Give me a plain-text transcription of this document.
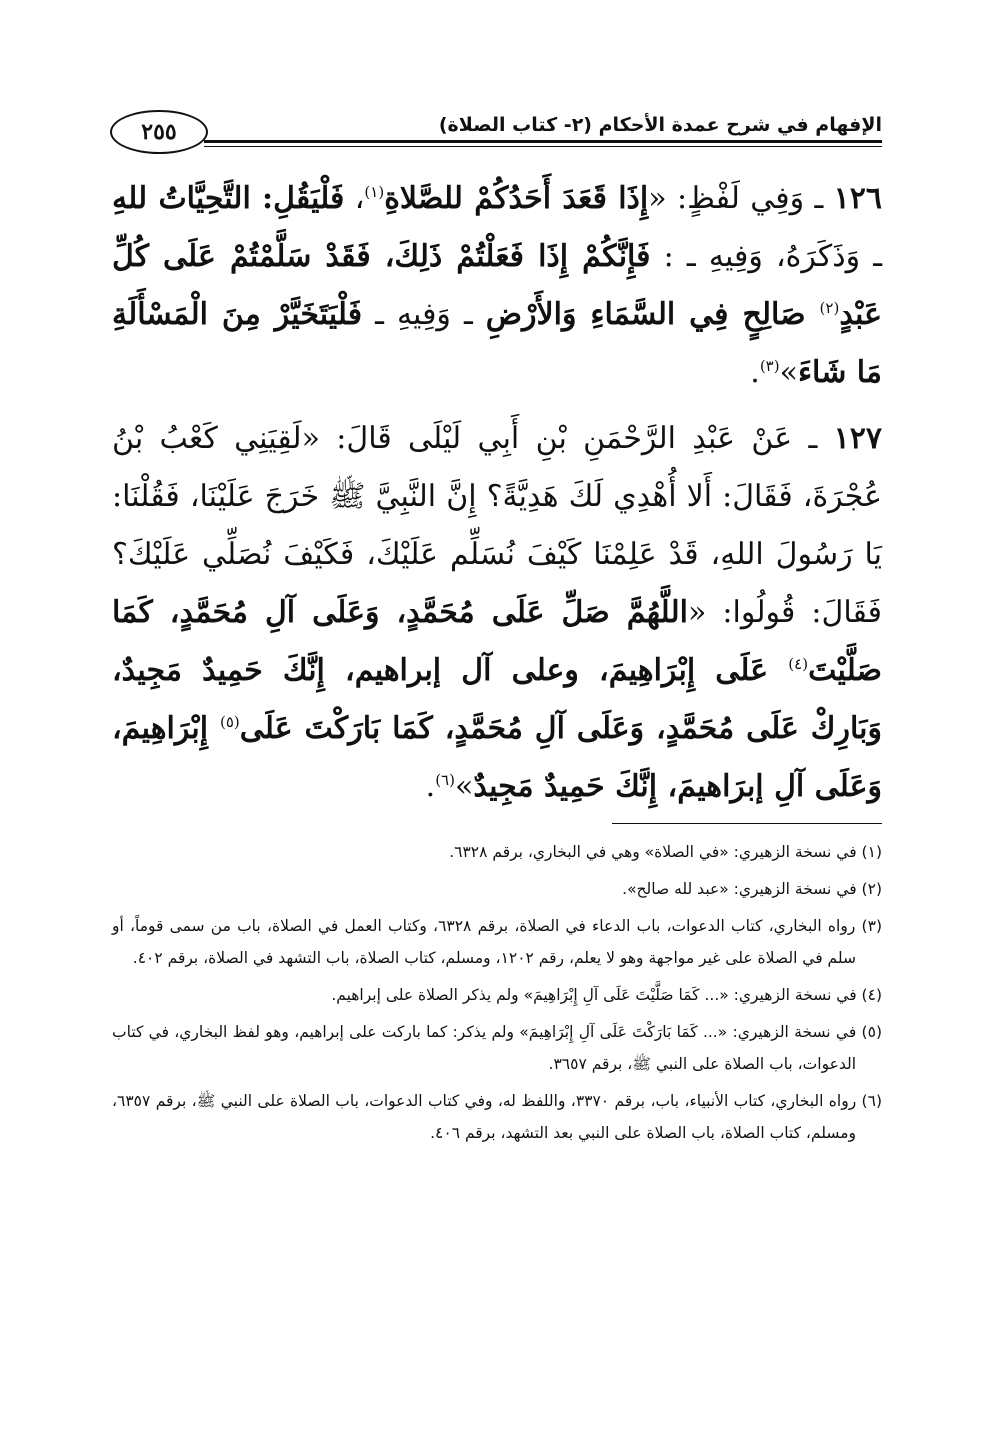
٢٥٥	الإفهام في شرح عمدة الأحكام (٢- كتاب الصلاة)

١٢٦ ـ وَفِي لَفْظٍ: «إِذَا قَعَدَ أَحَدُكُمْ للصَّلاةِ$^{(١)}$، فَلْيَقُلِ: التَّحِيَّاتُ للهِ ـ وَذَكَرَهُ، وَفِيهِ ـ : فَإِنَّكُمْ إِذَا فَعَلْتُمْ ذَلِكَ، فَقَدْ سَلَّمْتُمْ عَلَى كُلِّ عَبْدٍ$^{(٢)}$ صَالِحٍ فِي السَّمَاءِ وَالأَرْضِ ـ وَفِيهِ ـ فَلْيَتَخَيَّرْ مِنَ الْمَسْأَلَةِ مَا شَاءَ»$^{(٣)}$.

١٢٧ ـ عَنْ عَبْدِ الرَّحْمَنِ بْنِ أَبِي لَيْلَى قَالَ: «لَقِيَنِي كَعْبُ بْنُ عُجْرَةَ، فَقَالَ: أَلا أُهْدِي لَكَ هَدِيَّةً؟ إِنَّ النَّبِيَّ ﷺ خَرَجَ عَلَيْنَا، فَقُلْنَا: يَا رَسُولَ اللهِ، قَدْ عَلِمْنَا كَيْفَ نُسَلِّم عَلَيْكَ، فَكَيْفَ نُصَلِّي عَلَيْكَ؟ فَقَالَ: قُولُوا: «اللَّهُمَّ صَلِّ عَلَى مُحَمَّدٍ، وَعَلَى آلِ مُحَمَّدٍ، كَمَا صَلَّيْتَ$^{(٤)}$ عَلَى إِبْرَاهِيمَ، وعلى آل إبراهيم، إِنَّكَ حَمِيدٌ مَجِيدٌ، وَبَارِكْ عَلَى مُحَمَّدٍ، وَعَلَى آلِ مُحَمَّدٍ، كَمَا بَارَكْتَ عَلَى$^{(٥)}$ إِبْرَاهِيمَ، وَعَلَى آلِ إبرَاهيمَ، إِنَّكَ حَمِيدٌ مَجِيدٌ»$^{(٦)}$.

(١) في نسخة الزهيري: «في الصلاة» وهي في البخاري، برقم ٦٣٢٨.

(٢) في نسخة الزهيري: «عبد لله صالح».

(٣) رواه البخاري، كتاب الدعوات، باب الدعاء في الصلاة، برقم ٦٣٢٨، وكتاب العمل في الصلاة، باب من سمى قوماً، أو سلم في الصلاة على غير مواجهة وهو لا يعلم، رقم ١٢٠٢، ومسلم، كتاب الصلاة، باب التشهد في الصلاة، برقم ٤٠٢.

(٤) في نسخة الزهيري: «... كَمَا صَلَّيْتَ عَلَى آلِ إِبْرَاهِيمَ» ولم يذكر الصلاة على إبراهيم.

(٥) في نسخة الزهيري: «... كَمَا بَارَكْتَ عَلَى آلِ إِبْرَاهِيمَ» ولم يذكر: كما باركت على إبراهيم، وهو لفظ البخاري، في كتاب الدعوات، باب الصلاة على النبي ﷺ، برقم ٣٦٥٧.

(٦) رواه البخاري، كتاب الأنبياء، باب، برقم ٣٣٧٠، واللفظ له، وفي كتاب الدعوات، باب الصلاة على النبي ﷺ، برقم ٦٣٥٧، ومسلم، كتاب الصلاة، باب الصلاة على النبي بعد التشهد، برقم ٤٠٦.
